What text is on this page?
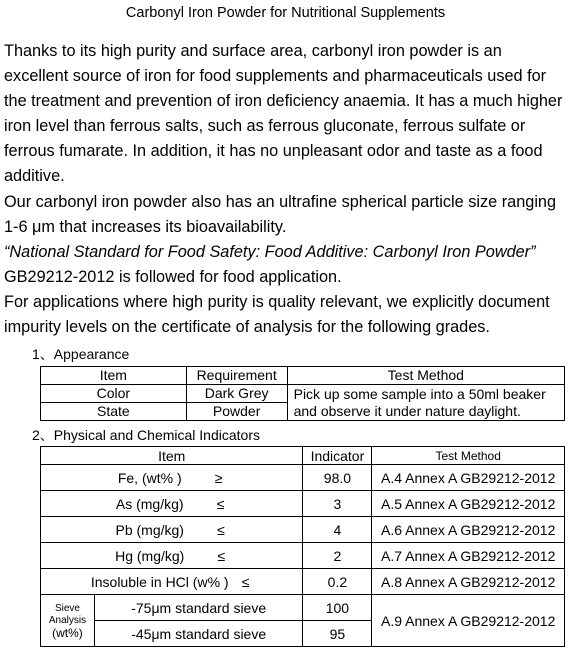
Carbonyl Iron Powder for Nutritional Supplements

Thanks to its high purity and surface area, carbonyl iron powder is an excellent source of iron for food supplements and pharmaceuticals used for the treatment and prevention of iron deficiency anaemia. It has a much higher iron level than ferrous salts, such as ferrous gluconate, ferrous sulfate or ferrous fumarate. In addition, it has no unpleasant odor and taste as a food additive.

Our carbonyl iron powder also has an ultrafine spherical particle size ranging 1-6 μm that increases its bioavailability.

“National Standard for Food Safety: Food Additive: Carbonyl Iron Powder”
GB29212-2012 is followed for food application.

For applications where high purity is quality relevant, we explicitly document impurity levels on the certificate of analysis for the following grades.

1、Appearance
Item	Requirement	Test Method
Color	Dark Grey	Pick up some sample into a 50ml beaker and observe it under nature daylight.
State	Powder	
2、Physical and Chemical Indicators
Item		Indicator	Test Method
Fe, (wt% ) ≥		98.0	A.4 Annex A GB29212-2012
As (mg/kg) ≤		3	A.5 Annex A GB29212-2012
Pb (mg/kg) ≤		4	A.6 Annex A GB29212-2012
Hg (mg/kg) ≤		2	A.7 Annex A GB29212-2012
Insoluble in HCl (w% ) ≤		0.2	A.8 Annex A GB29212-2012

Sieve
Analysis
(wt%)	-75μm standard sieve	100	A.9 Annex A GB29212-2012
	-45μm standard sieve	95	
